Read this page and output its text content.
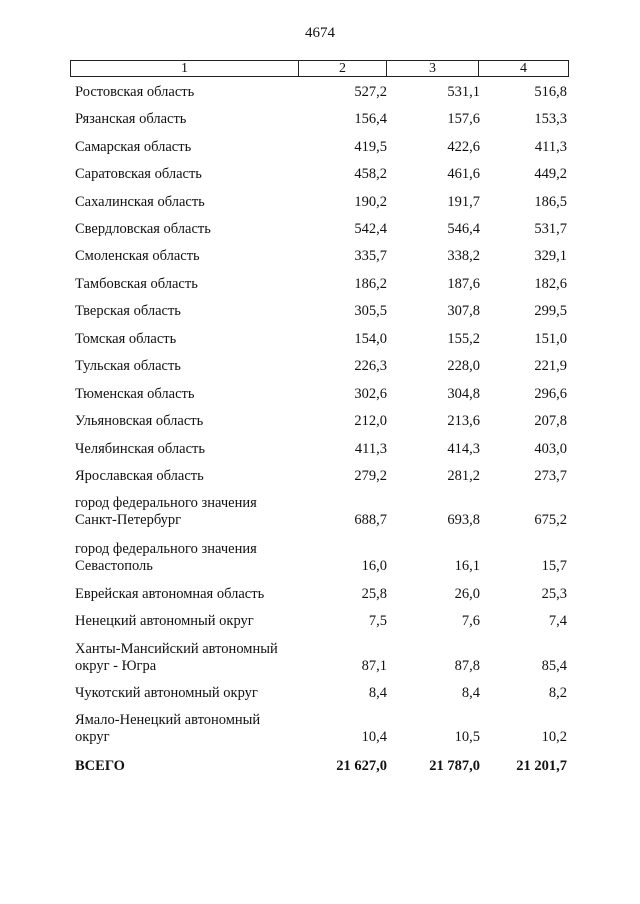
4674
1	2	3	4
Ростовская область	527,2	531,1	516,8
Рязанская область	156,4	157,6	153,3
Самарская область	419,5	422,6	411,3
Саратовская область	458,2	461,6	449,2
Сахалинская область	190,2	191,7	186,5
Свердловская область	542,4	546,4	531,7
Смоленская область	335,7	338,2	329,1
Тамбовская область	186,2	187,6	182,6
Тверская область	305,5	307,8	299,5
Томская область	154,0	155,2	151,0
Тульская область	226,3	228,0	221,9
Тюменская область	302,6	304,8	296,6
Ульяновская область	212,0	213,6	207,8
Челябинская область	411,3	414,3	403,0
Ярославская область	279,2	281,2	273,7
город федерального значения
Санкт-Петербург	688,7	693,8	675,2
город федерального значения
Севастополь	16,0	16,1	15,7
Еврейская автономная область	25,8	26,0	25,3
Ненецкий автономный округ	7,5	7,6	7,4
Ханты-Мансийский автономный
округ - Югра	87,1	87,8	85,4
Чукотский автономный округ	8,4	8,4	8,2
Ямало-Ненецкий автономный
округ	10,4	10,5	10,2
ВСЕГО	21 627,0	21 787,0	21 201,7
